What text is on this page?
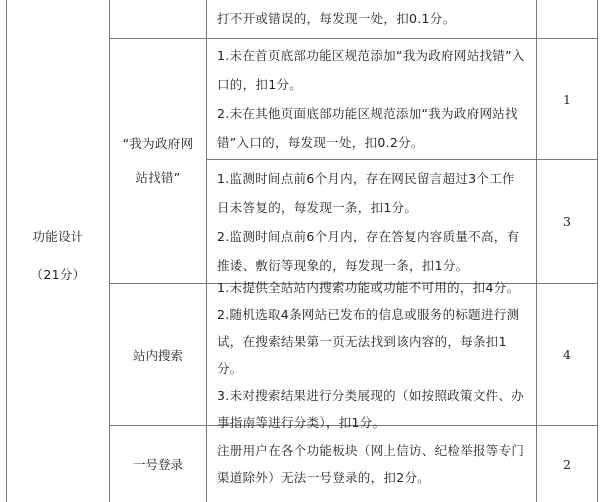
功能设计
（21分）
打不开或错误的，每发现一处，扣0.1分。
“我为政府网
站找错”
1.未在首页底部功能区规范添加“我为政府网站找错”入口的，扣1分。
2.未在其他页面底部功能区规范添加“我为政府网站找错”入口的，每发现一处，扣0.2分。
1
1.监测时间点前6个月内，存在网民留言超过3个工作日未答复的，每发现一条，扣1分。
2.监测时间点前6个月内，存在答复内容质量不高，有推诿、敷衍等现象的，每发现一条，扣1分。
3
站内搜索
1.未提供全站站内搜索功能或功能不可用的，扣4分。
2.随机选取4条网站已发布的信息或服务的标题进行测试，在搜索结果第一页无法找到该内容的，每条扣1分。
3.未对搜索结果进行分类展现的（如按照政策文件、办事指南等进行分类），扣1分。
4
一号登录
注册用户在各个功能板块（网上信访、纪检举报等专门渠道除外）无法一号登录的，扣2分。
2
